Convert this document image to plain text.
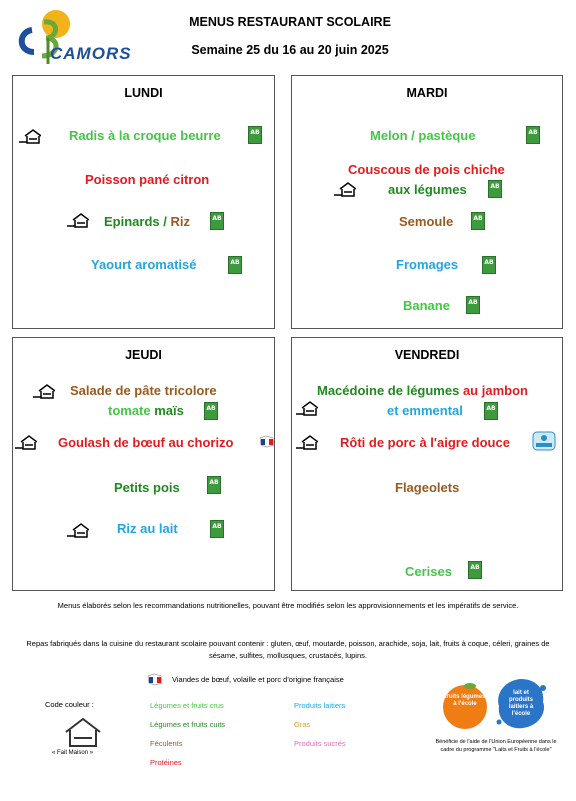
CAMORS
MENUS RESTAURANT SCOLAIRE
Semaine 25 du 16 au 20 juin 2025
LUNDI
Radis à la croque beurre	AB
Poisson pané citron
Epinards / Riz	AB
Yaourt aromatisé	AB
MARDI
Melon / pastèque	AB
Couscous de pois chiche
aux légumes	AB
Semoule	AB
Fromages	AB
Banane	AB
JEUDI
Salade de pâte tricolore
tomate maïs	AB
Goulash de bœuf au chorizo
Petits pois	AB
Riz au lait	AB
VENDREDI
Macédoine de légumes au jambon
et emmental	AB
Rôti de porc à l'aigre douce
Flageolets
Cerises	AB
Menus élaborés selon les recommandations nutritionelles, pouvant être modifiés selon les approvisionnements et les impératifs de service.
Repas fabriqués dans la cuisine du restaurant scolaire pouvant contenir : gluten, œuf, moutarde, poisson, arachide, soja, lait, fruits à coque, céleri, graines de sésame, sulfites, mollusques, crustacés, lupins.
Viandes de bœuf, volaille et porc d'origine française
Code couleur :
« Fait Maison »
Légumes et fruits crus
Légumes et fruits cuits
Féculents
Protéines
Produits laitiers
Gras
Produits sucrés
fruits légumes à l'école
lait et produits laitiers à l'école
Bénéficie de l'aide de l'Union Européenne dans le cadre du programme "Laits et Fruits à l'école"
